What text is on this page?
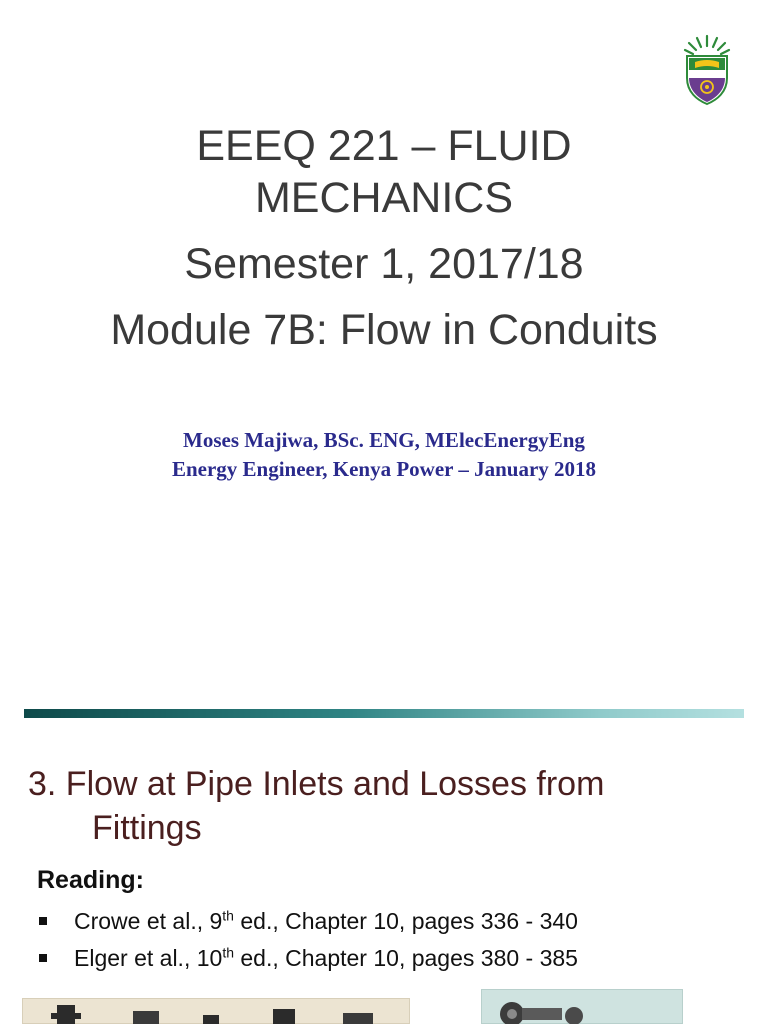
EEEQ 221 – FLUID
MECHANICS
Semester 1, 2017/18
Module 7B: Flow in Conduits
Moses Majiwa, BSc. ENG, MElecEnergyEng
Energy Engineer, Kenya Power – January 2018
3. Flow at Pipe Inlets and Losses from
Fittings
Reading:
Crowe et al., 9th ed., Chapter 10, pages 336 - 340
Elger et al., 10th ed., Chapter 10, pages 380 - 385
